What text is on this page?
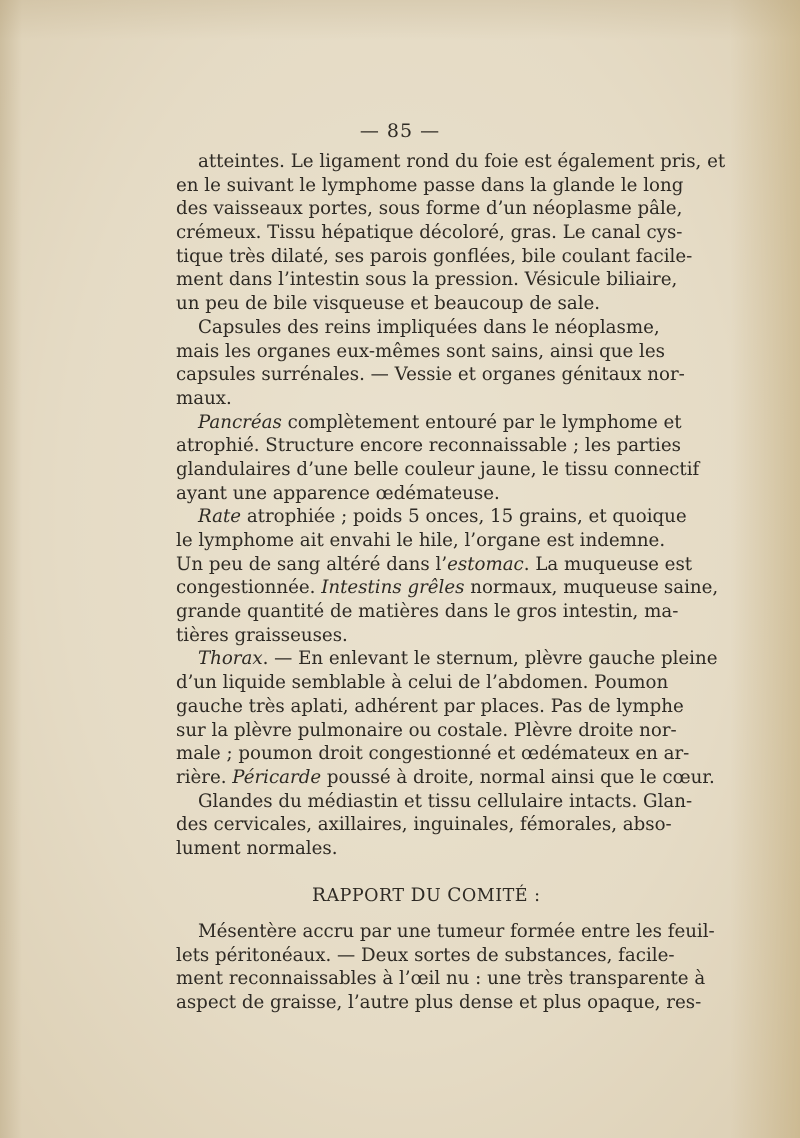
— 85 —
atteintes. Le ligament rond du foie est également pris, et
en le suivant le lymphome passe dans la glande le long
des vaisseaux portes, sous forme d’un néoplasme pâle,
crémeux. Tissu hépatique décoloré, gras. Le canal cys-
tique très dilaté, ses parois gonflées, bile coulant facile-
ment dans l’intestin sous la pression. Vésicule biliaire,
un peu de bile visqueuse et beaucoup de sale.
Capsules des reins impliquées dans le néoplasme,
mais les organes eux-mêmes sont sains, ainsi que les
capsules surrénales. — Vessie et organes génitaux nor-
maux.
Pancréas complètement entouré par le lymphome et
atrophié. Structure encore reconnaissable ; les parties
glandulaires d’une belle couleur jaune, le tissu connectif
ayant une apparence œdémateuse.
Rate atrophiée ; poids 5 onces, 15 grains, et quoique
le lymphome ait envahi le hile, l’organe est indemne.
Un peu de sang altéré dans l’estomac. La muqueuse est
congestionnée. Intestins grêles normaux, muqueuse saine,
grande quantité de matières dans le gros intestin, ma-
tières graisseuses.
Thorax. — En enlevant le sternum, plèvre gauche pleine
d’un liquide semblable à celui de l’abdomen. Poumon
gauche très aplati, adhérent par places. Pas de lymphe
sur la plèvre pulmonaire ou costale. Plèvre droite nor-
male ; poumon droit congestionné et œdémateux en ar-
rière. Péricarde poussé à droite, normal ainsi que le cœur.
Glandes du médiastin et tissu cellulaire intacts. Glan-
des cervicales, axillaires, inguinales, fémorales, abso-
lument normales.
RAPPORT DU COMITÉ :
Mésentère accru par une tumeur formée entre les feuil-
lets péritonéaux. — Deux sortes de substances, facile-
ment reconnaissables à l’œil nu : une très transparente à
aspect de graisse, l’autre plus dense et plus opaque, res-
